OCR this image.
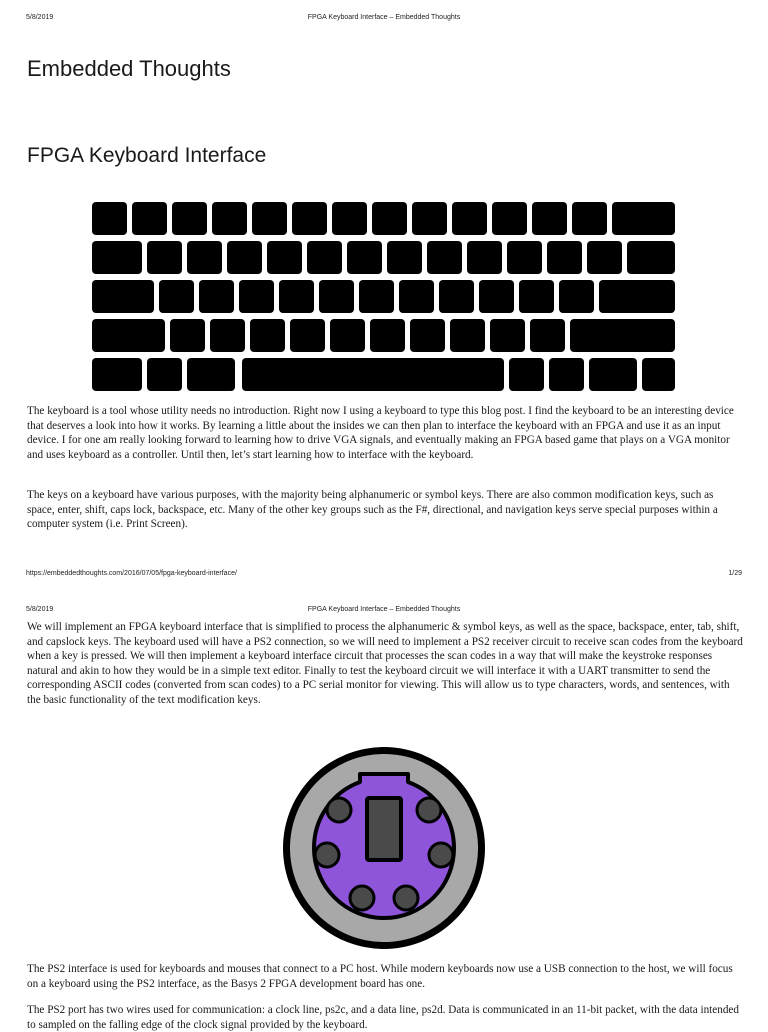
5/8/2019	FPGA Keyboard Interface – Embedded Thoughts
Embedded Thoughts
FPGA Keyboard Interface

The keyboard is a tool whose utility needs no introduction. Right now I using a keyboard to type this blog post. I find the keyboard to be an interesting device that deserves a look into how it works. By learning a little about the insides we can then plan to interface the keyboard with an FPGA and use it as an input device. I for one am really looking forward to learning how to drive VGA signals, and eventually making an FPGA based game that plays on a VGA monitor and uses keyboard as a controller. Until then, let’s start learning how to interface with the keyboard.

The keys on a keyboard have various purposes, with the majority being alphanumeric or symbol keys. There are also common modification keys, such as space, enter, shift, caps lock, backspace, etc. Many of the other key groups such as the F#, directional, and navigation keys serve special purposes within a computer system (i.e. Print Screen).

https://embeddedthoughts.com/2016/07/05/fpga-keyboard-interface/	1/29
5/8/2019	FPGA Keyboard Interface – Embedded Thoughts

We will implement an FPGA keyboard interface that is simplified to process the alphanumeric & symbol keys, as well as the space, backspace, enter, tab, shift, and capslock keys. The keyboard used will have a PS2 connection, so we will need to implement a PS2 receiver circuit to receive scan codes from the keyboard when a key is pressed. We will then implement a keyboard interface circuit that processes the scan codes in a way that will make the keystroke responses natural and akin to how they would be in a simple text editor. Finally to test the keyboard circuit we will interface it with a UART transmitter to send the corresponding ASCII codes (converted from scan codes) to a PC serial monitor for viewing. This will allow us to type characters, words, and sentences, with the basic functionality of the text modification keys.

The PS2 interface is used for keyboards and mouses that connect to a PC host. While modern keyboards now use a USB connection to the host, we will focus on a keyboard using the PS2 interface, as the Basys 2 FPGA development board has one.

The PS2 port has two wires used for communication: a clock line, ps2c, and a data line, ps2d. Data is communicated in an 11-bit packet, with the data intended to sampled on the falling edge of the clock signal provided by the keyboard.
